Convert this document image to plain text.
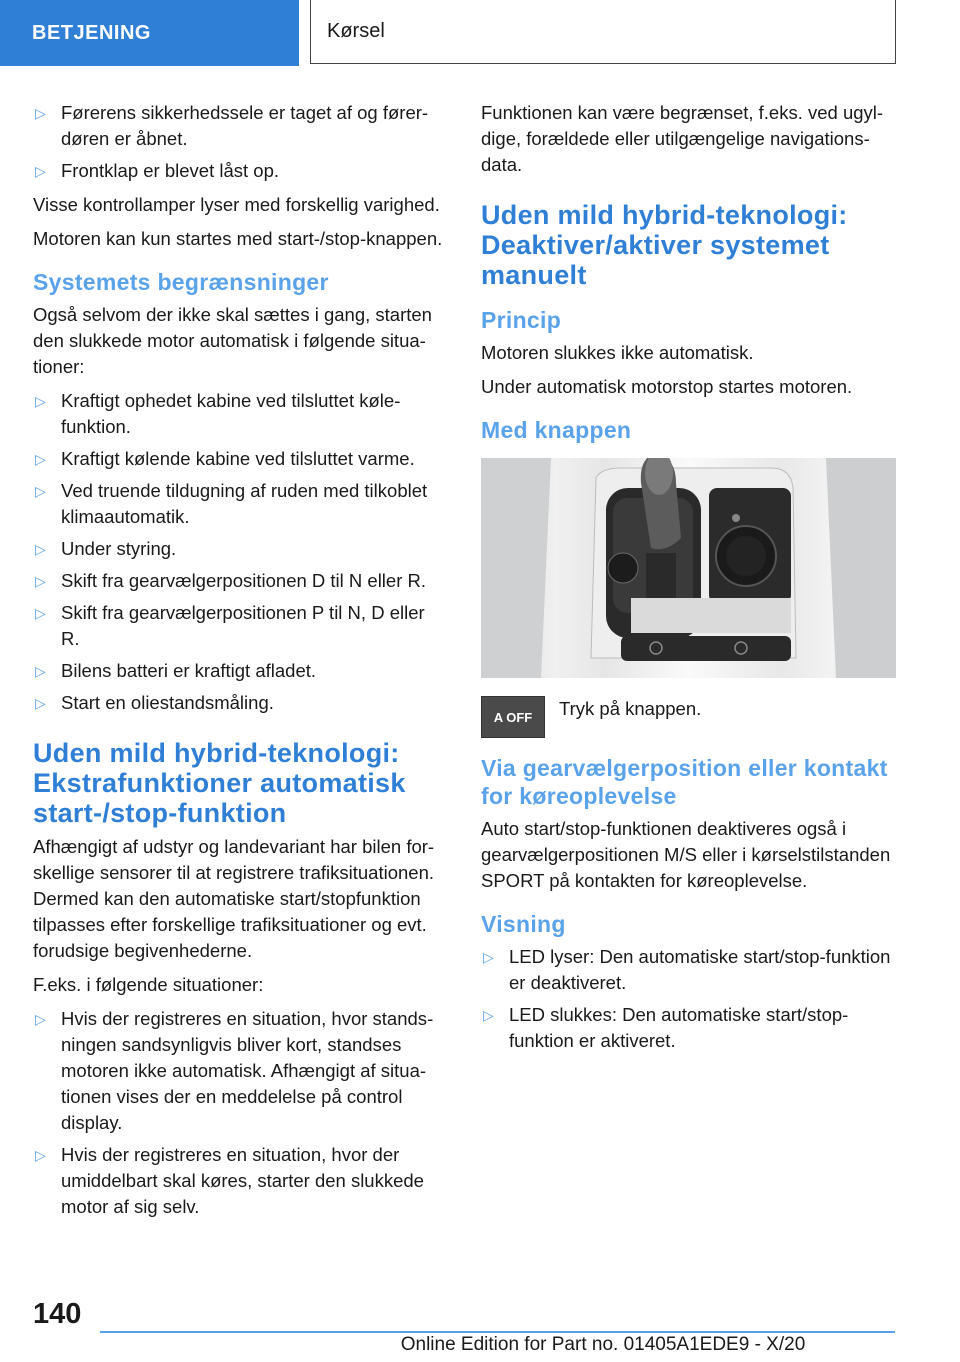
BETJENING	Kørsel
▷ Førerens sikkerhedssele er taget af og førerdøren er åbnet.
▷ Frontklap er blevet låst op.

Visse kontrollamper lyser med forskellig varighed.

Motoren kan kun startes med start-/stop-knappen.

Systemets begrænsninger

Også selvom der ikke skal sættes i gang, starten den slukkede motor automatisk i følgende situationer:

▷ Kraftigt ophedet kabine ved tilsluttet kølefunktion.
▷ Kraftigt kølende kabine ved tilsluttet varme.
▷ Ved truende tildugning af ruden med tilkoblet klimaautomatik.
▷ Under styring.
▷ Skift fra gearvælgerpositionen D til N eller R.
▷ Skift fra gearvælgerpositionen P til N, D eller R.
▷ Bilens batteri er kraftigt afladet.
▷ Start en oliestandsmåling.
Uden mild hybrid-teknologi: Ekstrafunktioner automatisk start-/stop-funktion

Afhængigt af udstyr og landevariant har bilen forskellige sensorer til at registrere trafiksituationen. Dermed kan den automatiske start/stopfunktion tilpasses efter forskellige trafiksituationer og evt. forudsige begivenhederne.

F.eks. i følgende situationer:

▷ Hvis der registreres en situation, hvor standsningen sandsynligvis bliver kort, standses motoren ikke automatisk. Afhængigt af situationen vises der en meddelelse på control display.
▷ Hvis der registreres en situation, hvor der umiddelbart skal køres, starter den slukkede motor af sig selv.

Funktionen kan være begrænset, f.eks. ved ugyldige, forældede eller utilgængelige navigationsdata.

Uden mild hybrid-teknologi: Deaktiver/aktiver systemet manuelt
Princip

Motoren slukkes ikke automatisk.

Under automatisk motorstop startes motoren.

Med knappen
A OFF Tryk på knappen.

Via gearvælgerposition eller kontakt for køreoplevelse

Auto start/stop-funktionen deaktiveres også i gearvælgerpositionen M/S eller i kørselstilstanden SPORT på kontakten for køreoplevelse.

Visning
▷ LED lyser: Den automatiske start/stop-funktion er deaktiveret.
▷ LED slukkes: Den automatiske start/stopfunktion er aktiveret.
140
Online Edition for Part no. 01405A1EDE9 - X/20
